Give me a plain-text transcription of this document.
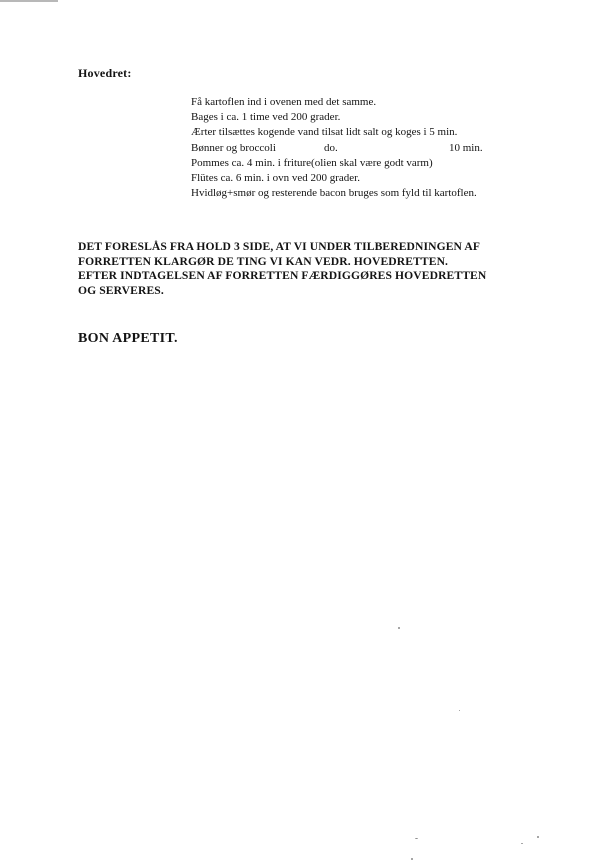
Hovedret:
Få kartoflen ind i ovenen med det samme.
Bages i ca. 1 time ved 200 grader.
Ærter tilsættes kogende vand tilsat lidt salt og koges i 5 min.
Bønner og broccoli	do.	10 min.
Pommes ca. 4 min. i friture(olien skal være godt varm)
Flütes ca. 6 min. i ovn ved 200 grader.
Hvidløg+smør og resterende bacon bruges som fyld til kartoflen.
DET FORESLÅS FRA HOLD 3 SIDE, AT VI UNDER TILBEREDNINGEN AF
FORRETTEN KLARGØR DE TING VI KAN VEDR. HOVEDRETTEN.
EFTER INDTAGELSEN AF FORRETTEN FÆRDIGGØRES HOVEDRETTEN
OG SERVERES.
BON APPETIT.
